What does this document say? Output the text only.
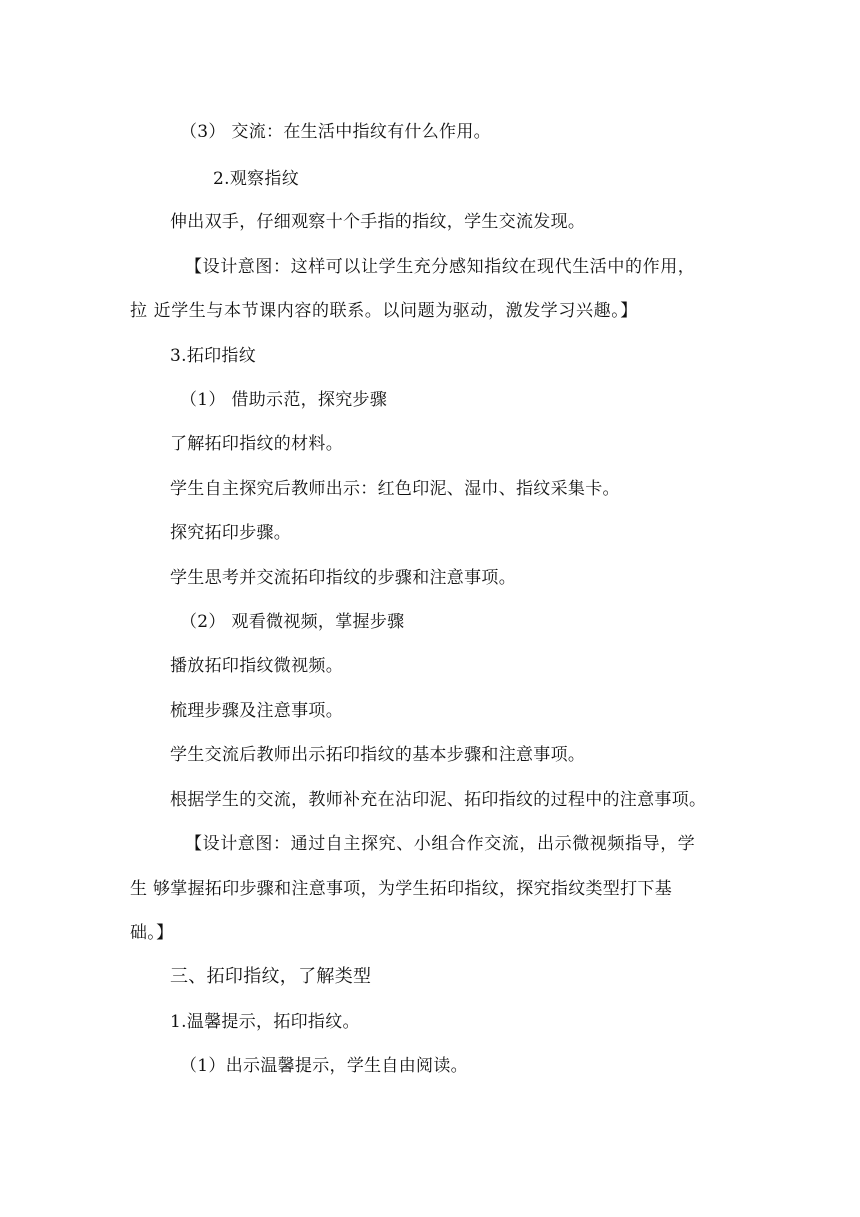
（3） 交流：在生活中指纹有什么作用。
2.观察指纹
伸出双手，仔细观察十个手指的指纹，学生交流发现。
【设计意图：这样可以让学生充分感知指纹在现代生活中的作用，
拉 近学生与本节课内容的联系。以问题为驱动，激发学习兴趣。】
3.拓印指纹
（1） 借助示范，探究步骤
了解拓印指纹的材料。
学生自主探究后教师出示：红色印泥、湿巾、指纹采集卡。
探究拓印步骤。
学生思考并交流拓印指纹的步骤和注意事项。
（2） 观看微视频，掌握步骤
播放拓印指纹微视频。
梳理步骤及注意事项。
学生交流后教师出示拓印指纹的基本步骤和注意事项。
根据学生的交流，教师补充在沾印泥、拓印指纹的过程中的注意事项。
【设计意图：通过自主探究、小组合作交流，出示微视频指导，学
生 够掌握拓印步骤和注意事项，为学生拓印指纹，探究指纹类型打下基
础。】
三、拓印指纹，了解类型
1.温馨提示，拓印指纹。
（1）出示温馨提示，学生自由阅读。
